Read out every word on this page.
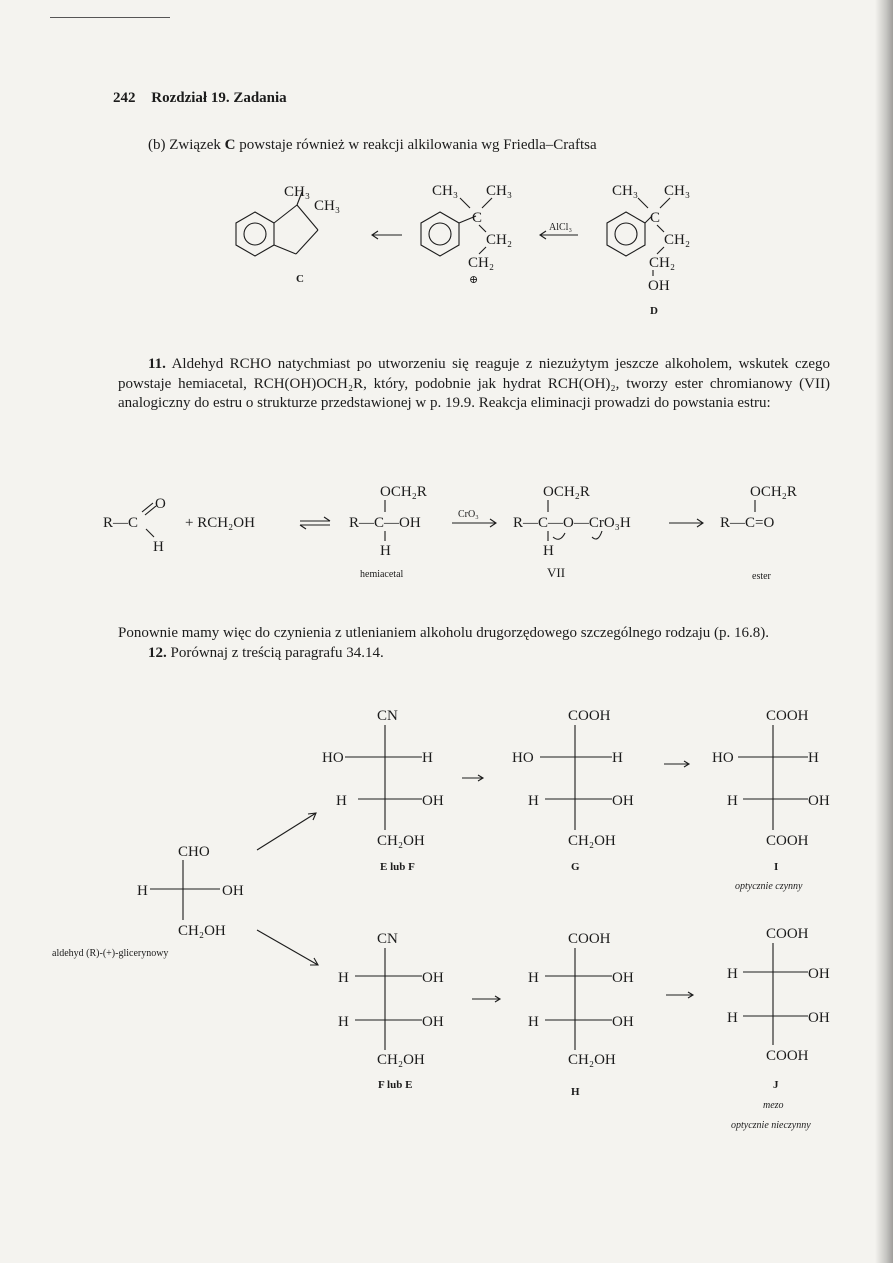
242 Rozdział 19. Zadania
(b) Związek C powstaje również w reakcji alkilowania wg Friedla–Craftsa
CH₃
CH₃
C
C
CH₃ CH₃
CH₂
CH₂
⊕
AlCl₃
C
CH₃ CH₃
CH₂
CH₂
OH
D
11. Aldehyd RCHO natychmiast po utworzeniu się reaguje z niezużytym jeszcze alkoholem, wskutek czego powstaje hemiacetal, RCH(OH)OCH₂R, który, podobnie jak hydrat RCH(OH)₂, tworzy ester chromianowy (VII) analogiczny do estru o strukturze przedstawionej w p. 19.9. Reakcja eliminacji prowadzi do powstania estru:
O
R—C
H
+ RCH₂OH
OCH₂R
R—C—OH
H
hemiacetal
CrO₃
OCH₂R
R—C—O—CrO₃H
H
VII
OCH₂R
R—C=O
ester
Ponownie mamy więc do czynienia z utlenianiem alkoholu drugorzędowego szczególnego rodzaju (p. 16.8).
12. Porównaj z treścią paragrafu 34.14.
CHO
H	OH
CH₂OH
aldehyd (R)-(+)-glicerynowy
CN
HO	H
H	OH
CH₂OH
E lub F
COOH
HO	H
H	OH
CH₂OH
G
COOH
HO	H
H	OH
COOH
I
optycznie czynny
CN
H	OH
H	OH
CH₂OH
F lub E
COOH
H	OH
H	OH
CH₂OH
H
COOH
H	OH
H	OH
COOH
J
mezo
optycznie nieczynny
